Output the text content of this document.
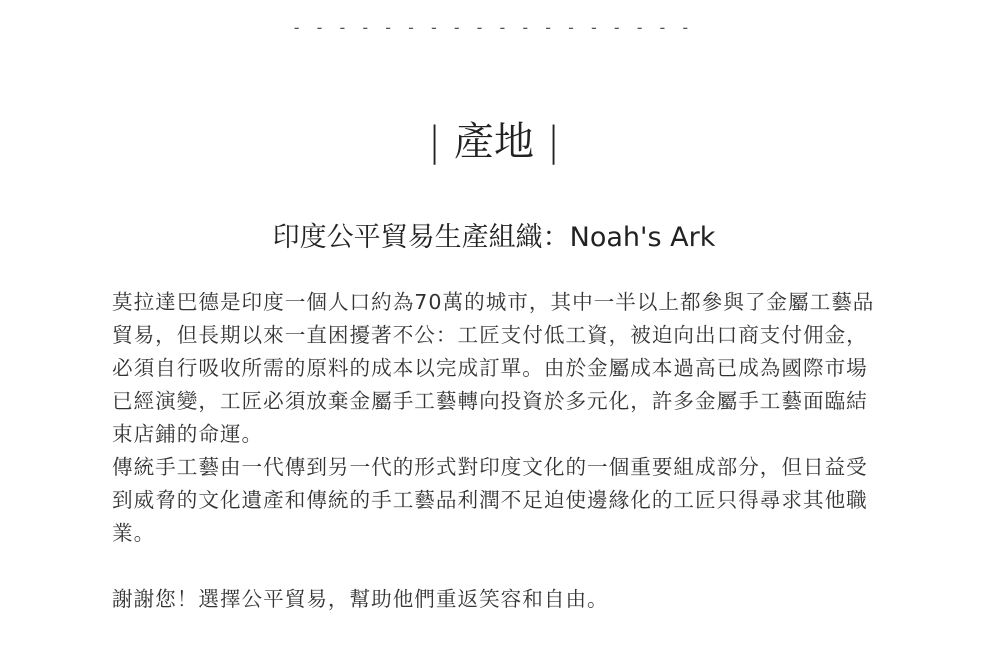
- - - - - - - - - - - - - - - - - -
| 產地 |
印度公平貿易生產組織：Noah's Ark

莫拉達巴德是印度一個人口約為70萬的城市，其中一半以上都參與了金屬工藝品貿易，但長期以來一直困擾著不公：工匠支付低工資，被迫向出口商支付佣金，必須自行吸收所需的原料的成本以完成訂單。由於金屬成本過高已成為國際市場已經演變，工匠必須放棄金屬手工藝轉向投資於多元化，許多金屬手工藝面臨結束店鋪的命運。

傳統手工藝由一代傳到另一代的形式對印度文化的一個重要組成部分，但日益受到威脅的文化遺產和傳統的手工藝品利潤不足迫使邊緣化的工匠只得尋求其他職業。

謝謝您！選擇公平貿易，幫助他們重返笑容和自由。
